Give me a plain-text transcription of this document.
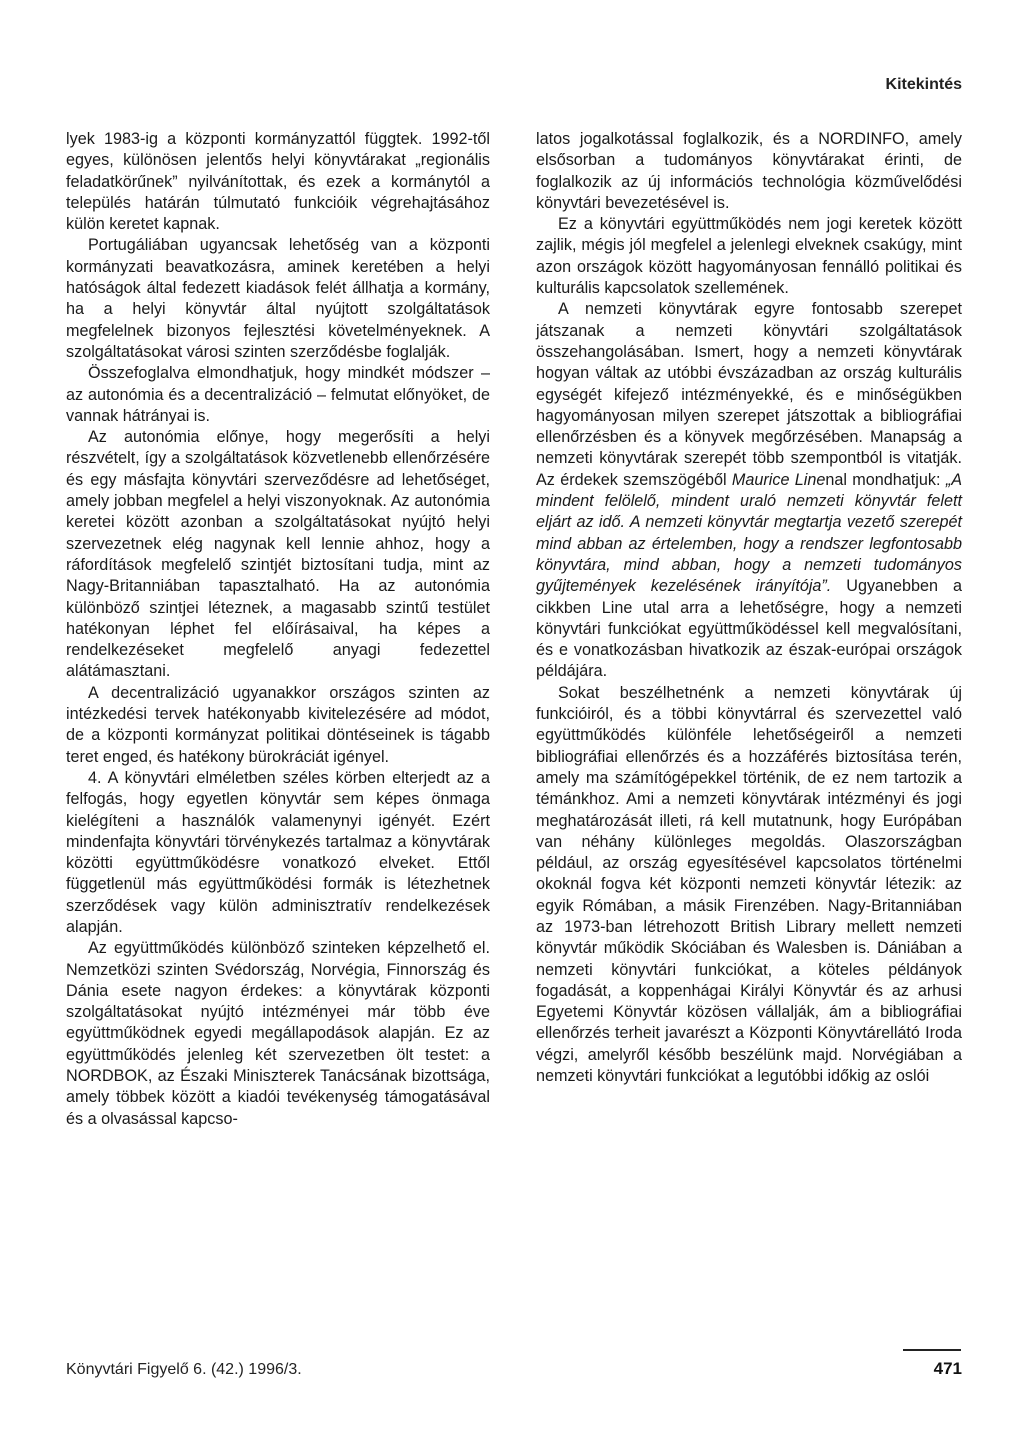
Kitekintés

lyek 1983-ig a központi kormányzattól függtek. 1992-től egyes, különösen jelentős helyi könyvtárakat „regionális feladatkörűnek” nyilvánítottak, és ezek a kormánytól a település határán túlmutató funkcióik végrehajtásához külön keretet kapnak.

Portugáliában ugyancsak lehetőség van a központi kormányzati beavatkozásra, aminek keretében a helyi hatóságok által fedezett kiadások felét állhatja a kormány, ha a helyi könyvtár által nyújtott szolgáltatások megfelelnek bizonyos fejlesztési követelményeknek. A szolgáltatásokat városi szinten szerződésbe foglalják.

Összefoglalva elmondhatjuk, hogy mindkét módszer – az autonómia és a decentralizáció – felmutat előnyöket, de vannak hátrányai is.

Az autonómia előnye, hogy megerősíti a helyi részvételt, így a szolgáltatások közvetlenebb ellenőrzésére és egy másfajta könyvtári szerveződésre ad lehetőséget, amely jobban megfelel a helyi viszonyoknak. Az autonómia keretei között azonban a szolgáltatásokat nyújtó helyi szervezetnek elég nagynak kell lennie ahhoz, hogy a ráfordítások megfelelő szintjét biztosítani tudja, mint az Nagy-Britanniában tapasztalható. Ha az autonómia különböző szintjei léteznek, a magasabb szintű testület hatékonyan léphet fel előírásaival, ha képes a rendelkezéseket megfelelő anyagi fedezettel alátámasztani.

A decentralizáció ugyanakkor országos szinten az intézkedési tervek hatékonyabb kivitelezésére ad módot, de a központi kormányzat politikai döntéseinek is tágabb teret enged, és hatékony bürokráciát igényel.

4. A könyvtári elméletben széles körben elterjedt az a felfogás, hogy egyetlen könyvtár sem képes önmaga kielégíteni a használók valamenynyi igényét. Ezért mindenfajta könyvtári törvénykezés tartalmaz a könyvtárak közötti együttműködésre vonatkozó elveket. Ettől függetlenül más együttműködési formák is létezhetnek szerződések vagy külön adminisztratív rendelkezések alapján.

Az együttműködés különböző szinteken képzelhető el. Nemzetközi szinten Svédország, Norvégia, Finnország és Dánia esete nagyon érdekes: a könyvtárak központi szolgáltatásokat nyújtó intézményei már több éve együttműködnek egyedi megállapodások alapján. Ez az együttműködés jelenleg két szervezetben ölt testet: a NORDBOK, az Északi Miniszterek Tanácsának bizottsága, amely többek között a kiadói tevékenység támogatásával és a olvasással kapcso-

latos jogalkotással foglalkozik, és a NORDINFO, amely elsősorban a tudományos könyvtárakat érinti, de foglalkozik az új információs technológia közművelődési könyvtári bevezetésével is.

Ez a könyvtári együttműködés nem jogi keretek között zajlik, mégis jól megfelel a jelenlegi elveknek csakúgy, mint azon országok között hagyományosan fennálló politikai és kulturális kapcsolatok szellemének.

A nemzeti könyvtárak egyre fontosabb szerepet játszanak a nemzeti könyvtári szolgáltatások összehangolásában. Ismert, hogy a nemzeti könyvtárak hogyan váltak az utóbbi évszázadban az ország kulturális egységét kifejező intézményekké, és e minőségükben hagyományosan milyen szerepet játszottak a bibliográfiai ellenőrzésben és a könyvek megőrzésében. Manapság a nemzeti könyvtárak szerepét több szempontból is vitatják. Az érdekek szemszögéből Maurice Linenal mondhatjuk: „A mindent felölelő, mindent uraló nemzeti könyvtár felett eljárt az idő. A nemzeti könyvtár megtartja vezető szerepét mind abban az értelemben, hogy a rendszer legfontosabb könyvtára, mind abban, hogy a nemzeti tudományos gyűjtemények kezelésének irányítója”. Ugyanebben a cikkben Line utal arra a lehetőségre, hogy a nemzeti könyvtári funkciókat együttműködéssel kell megvalósítani, és e vonatkozásban hivatkozik az észak-európai országok példájára.

Sokat beszélhetnénk a nemzeti könyvtárak új funkcióiról, és a többi könyvtárral és szervezettel való együttműködés különféle lehetőségeiről a nemzeti bibliográfiai ellenőrzés és a hozzáférés biztosítása terén, amely ma számítógépekkel történik, de ez nem tartozik a témánkhoz. Ami a nemzeti könyvtárak intézményi és jogi meghatározását illeti, rá kell mutatnunk, hogy Európában van néhány különleges megoldás. Olaszországban például, az ország egyesítésével kapcsolatos történelmi okoknál fogva két központi nemzeti könyvtár létezik: az egyik Rómában, a másik Firenzében. Nagy-Britanniában az 1973-ban létrehozott British Library mellett nemzeti könyvtár működik Skóciában és Walesben is. Dániában a nemzeti könyvtári funkciókat, a köteles példányok fogadását, a koppenhágai Királyi Könyvtár és az arhusi Egyetemi Könyvtár közösen vállalják, ám a bibliográfiai ellenőrzés terheit javarészt a Központi Könyvtárellátó Iroda végzi, amelyről később beszélünk majd. Norvégiában a nemzeti könyvtári funkciókat a legutóbbi időkig az oslói

Könyvtári Figyelő 6. (42.) 1996/3.	471
